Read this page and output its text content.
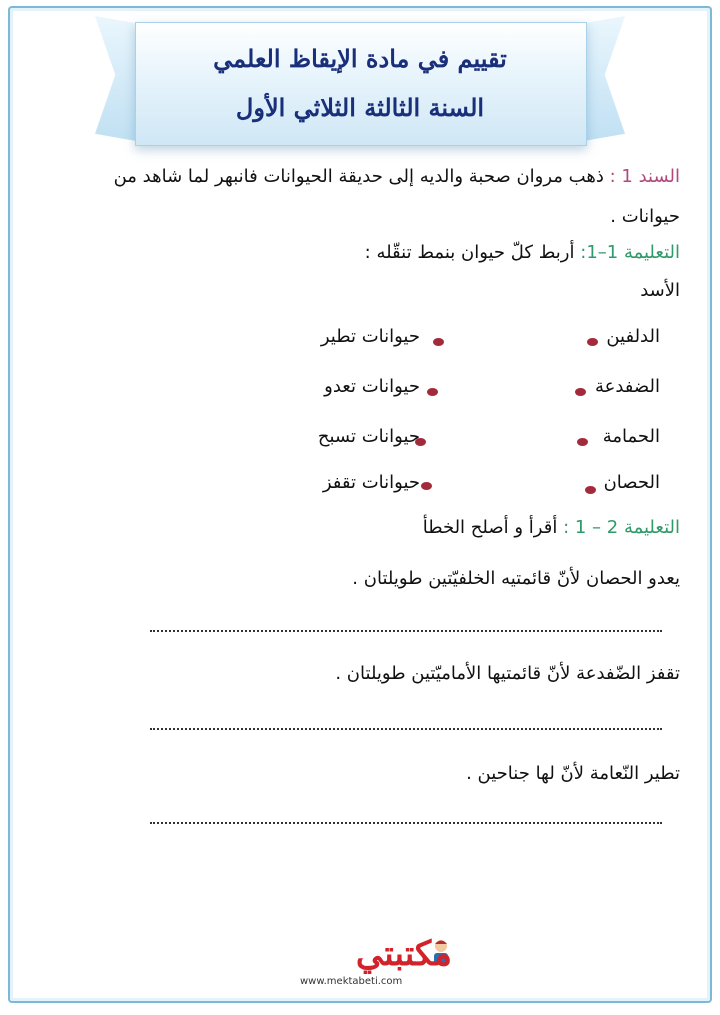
تقييم في مادة الإيقاظ العلمي
السنة الثالثة الثلاثي الأول
السند 1 : ذهب مروان صحبة والديه إلى حديقة الحيوانات فانبهر لما شاهد من
حيوانات .
التعليمة 1–1: أربط كلّ حيوان بنمط تنقّله :
الأسد
الدلفين
حيوانات تطير
الضفدعة
حيوانات تعدو
الحمامة
حيوانات تسبح
الحصان
حيوانات تقفز
التعليمة 2 – 1 : أقرأ و أصلح الخطأ
يعدو الحصان لأنّ قائمتيه الخلفيّتين طويلتان .
تقفز الضّفدعة لأنّ قائمتيها الأماميّتين طويلتان .
تطير النّعامة لأنّ لها جناحين .
مكتبتي
www.mektabeti.com
